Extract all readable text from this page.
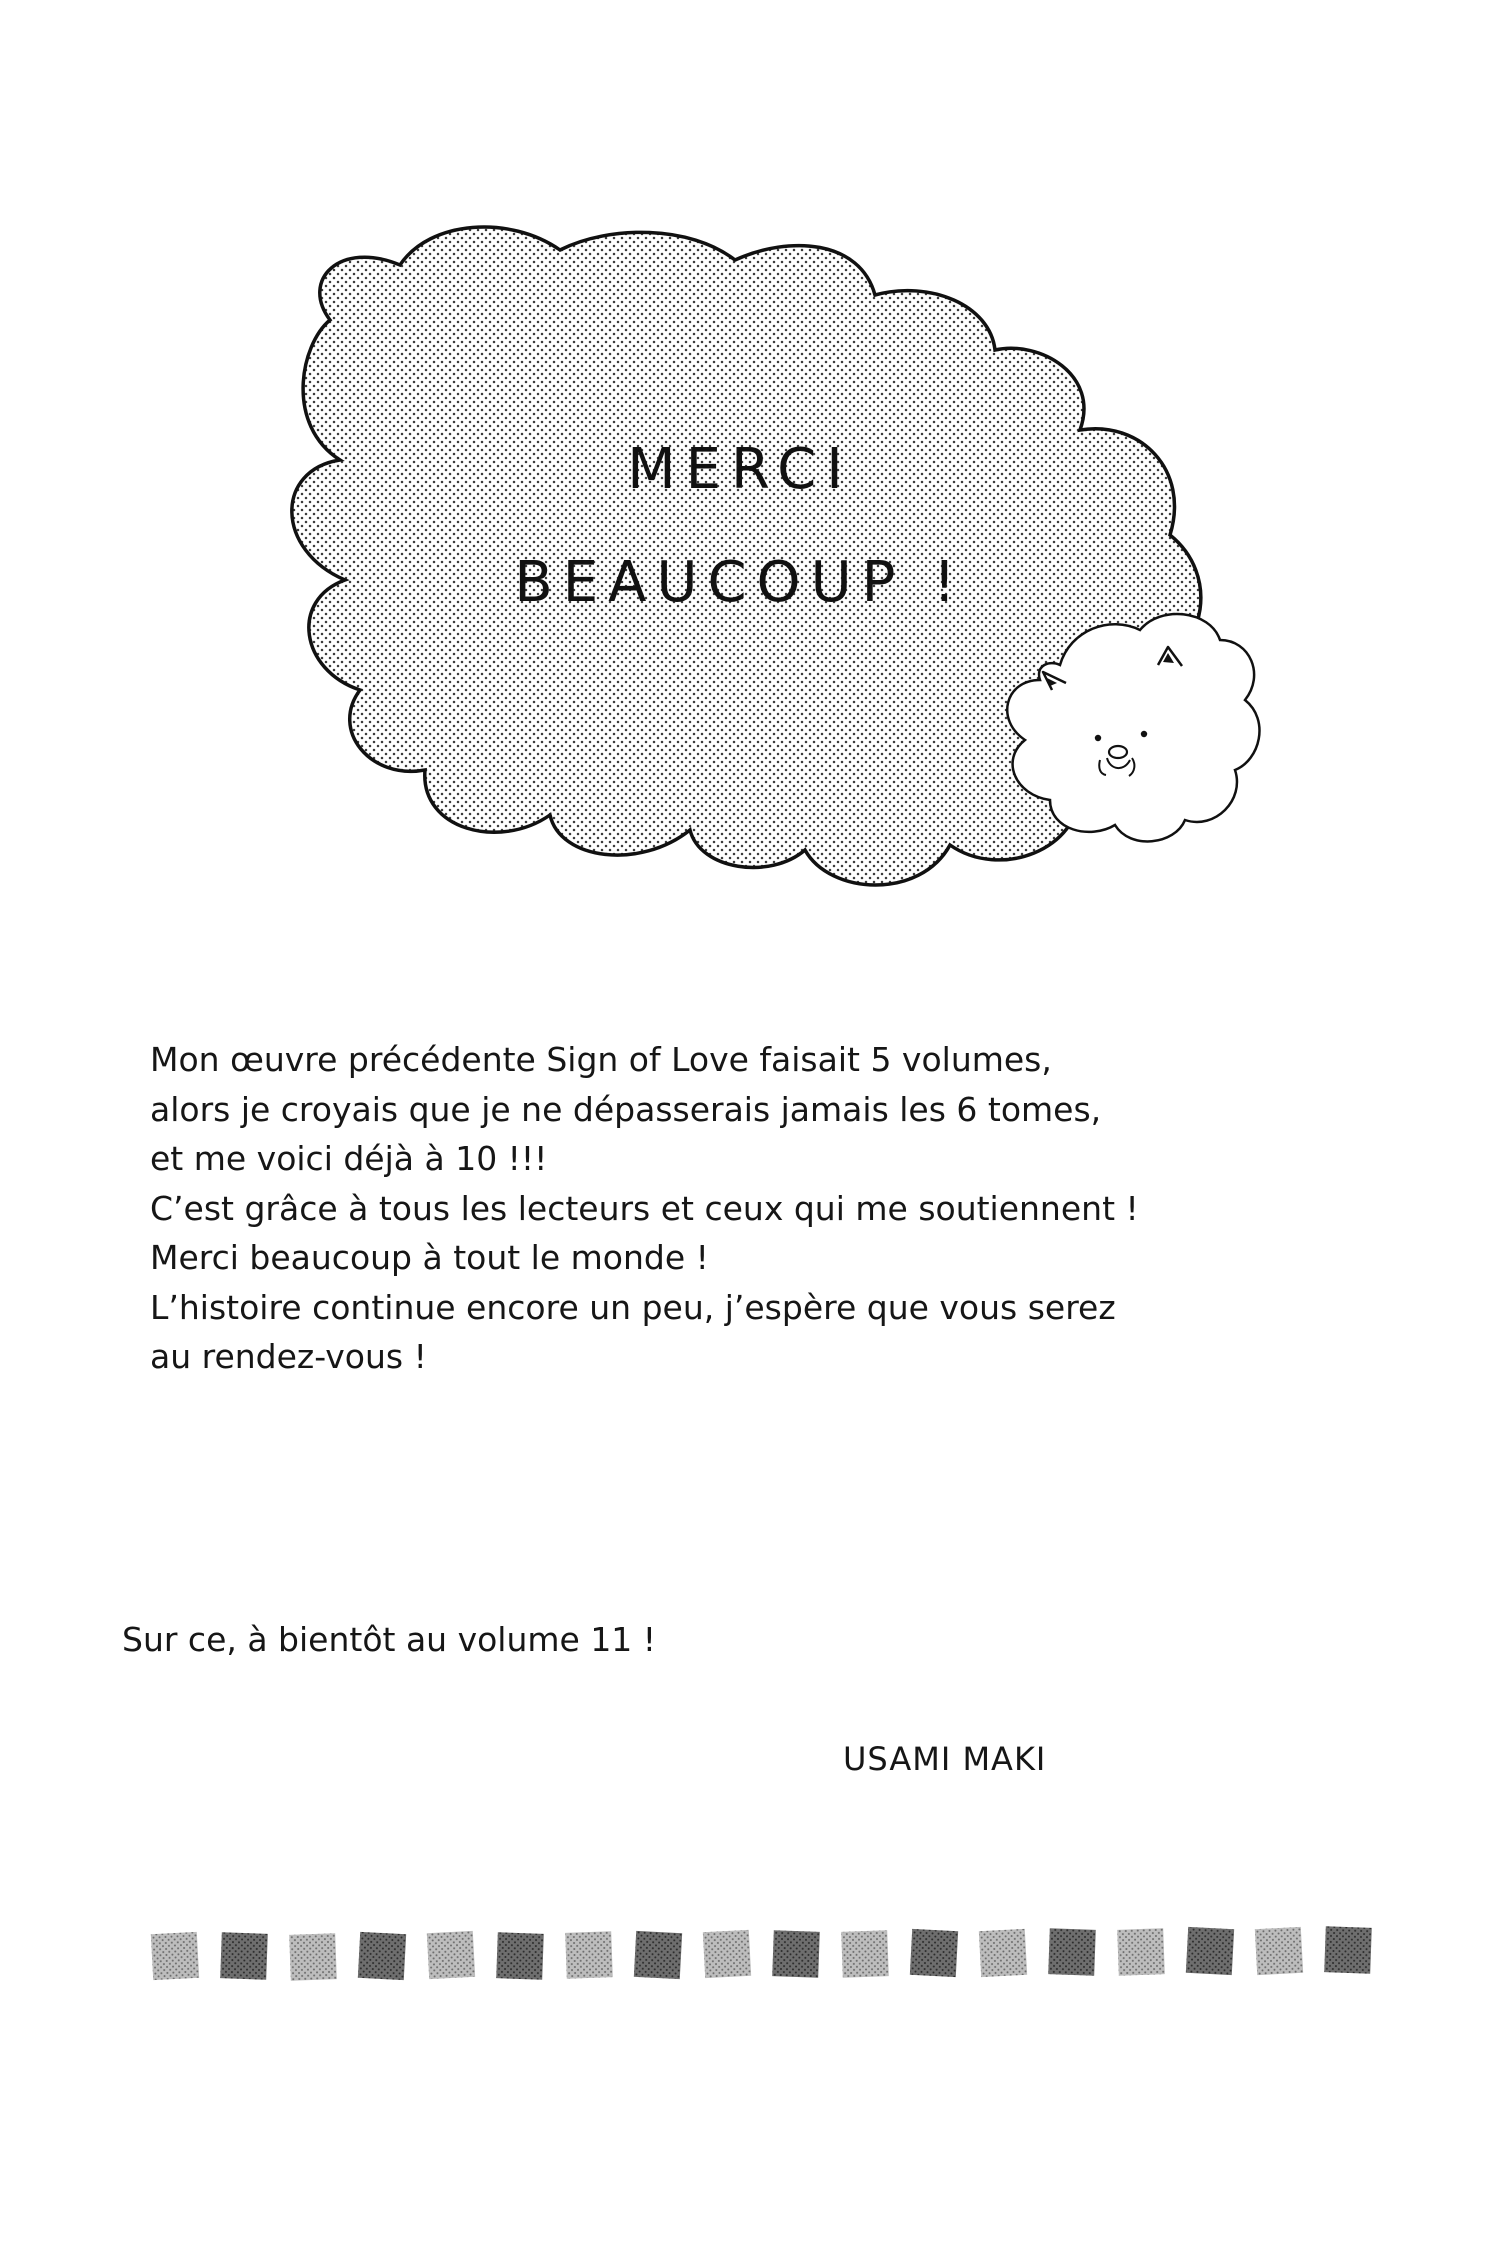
MERCI
BEAUCOUP !
Mon œuvre précédente Sign of Love faisait 5 volumes,
alors je croyais que je ne dépasserais jamais les 6 tomes,
et me voici déjà à 10 !!!
C’est grâce à tous les lecteurs et ceux qui me soutiennent !
Merci beaucoup à tout le monde !
L’histoire continue encore un peu, j’espère que vous serez
au rendez-vous !
Sur ce, à bientôt au volume 11 !
USAMI MAKI
